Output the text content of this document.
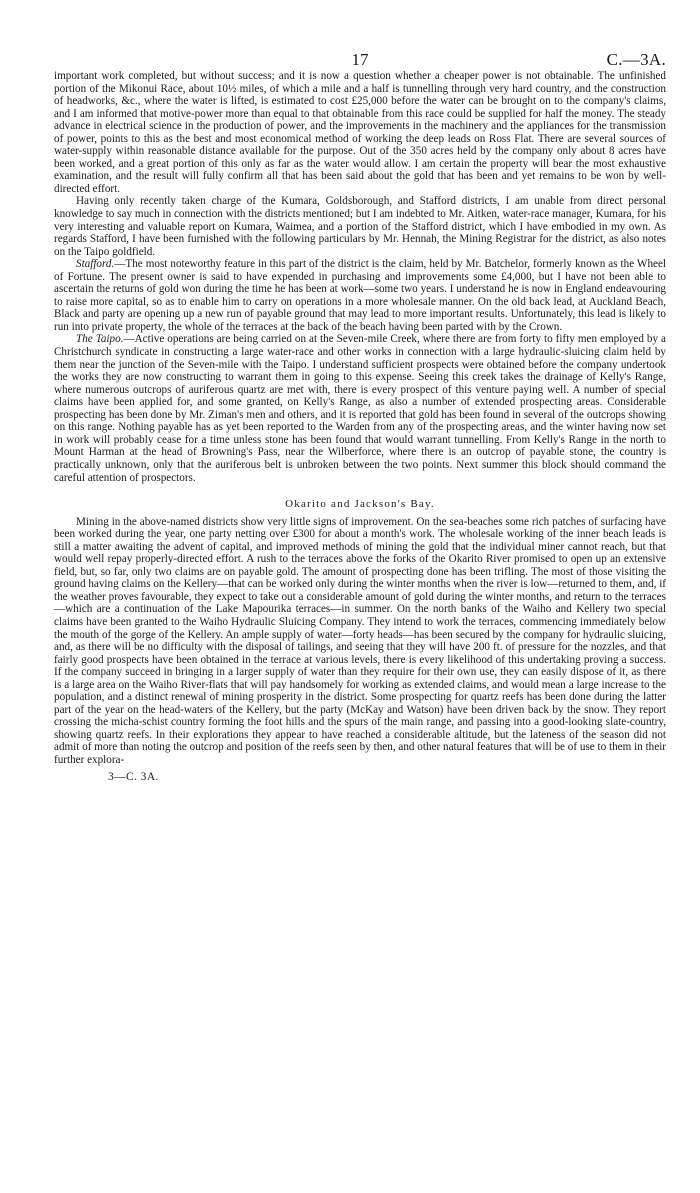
17	C.—3A.

important work completed, but without success; and it is now a question whether a cheaper power is not obtainable. The unfinished portion of the Mikonui Race, about 10½ miles, of which a mile and a half is tunnelling through very hard country, and the construction of headworks, &c., where the water is lifted, is estimated to cost £25,000 before the water can be brought on to the company's claims, and I am informed that motive-power more than equal to that obtainable from this race could be supplied for half the money. The steady advance in electrical science in the production of power, and the improvements in the machinery and the appliances for the transmission of power, points to this as the best and most economical method of working the deep leads on Ross Flat. There are several sources of water-supply within reasonable distance available for the purpose. Out of the 350 acres held by the company only about 8 acres have been worked, and a great portion of this only as far as the water would allow. I am certain the property will bear the most exhaustive examination, and the result will fully confirm all that has been said about the gold that has been and yet remains to be won by well-directed effort.

Having only recently taken charge of the Kumara, Goldsborough, and Stafford districts, I am unable from direct personal knowledge to say much in connection with the districts mentioned; but I am indebted to Mr. Aitken, water-race manager, Kumara, for his very interesting and valuable report on Kumara, Waimea, and a portion of the Stafford district, which I have embodied in my own. As regards Stafford, I have been furnished with the following particulars by Mr. Hennah, the Mining Registrar for the district, as also notes on the Taipo goldfield.

Stafford.—The most noteworthy feature in this part of the district is the claim, held by Mr. Batchelor, formerly known as the Wheel of Fortune. The present owner is said to have expended in purchasing and improvements some £4,000, but I have not been able to ascertain the returns of gold won during the time he has been at work—some two years. I understand he is now in England endeavouring to raise more capital, so as to enable him to carry on operations in a more wholesale manner. On the old back lead, at Auckland Beach, Black and party are opening up a new run of payable ground that may lead to more important results. Unfortunately, this lead is likely to run into private property, the whole of the terraces at the back of the beach having been parted with by the Crown.

The Taipo.—Active operations are being carried on at the Seven-mile Creek, where there are from forty to fifty men employed by a Christchurch syndicate in constructing a large water-race and other works in connection with a large hydraulic-sluicing claim held by them near the junction of the Seven-mile with the Taipo. I understand sufficient prospects were obtained before the company undertook the works they are now constructing to warrant them in going to this expense. Seeing this creek takes the drainage of Kelly's Range, where numerous outcrops of auriferous quartz are met with, there is every prospect of this venture paying well. A number of special claims have been applied for, and some granted, on Kelly's Range, as also a number of extended prospecting areas. Considerable prospecting has been done by Mr. Ziman's men and others, and it is reported that gold has been found in several of the outcrops showing on this range. Nothing payable has as yet been reported to the Warden from any of the prospecting areas, and the winter having now set in work will probably cease for a time unless stone has been found that would warrant tunnelling. From Kelly's Range in the north to Mount Harman at the head of Browning's Pass, near the Wilberforce, where there is an outcrop of payable stone, the country is practically unknown, only that the auriferous belt is unbroken between the two points. Next summer this block should command the careful attention of prospectors.

Okarito and Jackson's Bay.

Mining in the above-named districts show very little signs of improvement. On the sea-beaches some rich patches of surfacing have been worked during the year, one party netting over £300 for about a month's work. The wholesale working of the inner beach leads is still a matter awaiting the advent of capital, and improved methods of mining the gold that the individual miner cannot reach, but that would well repay properly-directed effort. A rush to the terraces above the forks of the Okarito River promised to open up an extensive field, but, so far, only two claims are on payable gold. The amount of prospecting done has been trifling. The most of those visiting the ground having claims on the Kellery—that can be worked only during the winter months when the river is low—returned to them, and, if the weather proves favourable, they expect to take out a considerable amount of gold during the winter months, and return to the terraces—which are a continuation of the Lake Mapourika terraces—in summer. On the north banks of the Waiho and Kellery two special claims have been granted to the Waiho Hydraulic Sluicing Company. They intend to work the terraces, commencing immediately below the mouth of the gorge of the Kellery. An ample supply of water—forty heads—has been secured by the company for hydraulic sluicing, and, as there will be no difficulty with the disposal of tailings, and seeing that they will have 200 ft. of pressure for the nozzles, and that fairly good prospects have been obtained in the terrace at various levels, there is every likelihood of this undertaking proving a success. If the company succeed in bringing in a larger supply of water than they require for their own use, they can easily dispose of it, as there is a large area on the Waiho River-flats that will pay handsomely for working as extended claims, and would mean a large increase to the population, and a distinct renewal of mining prosperity in the district. Some prospecting for quartz reefs has been done during the latter part of the year on the head-waters of the Kellery, but the party (McKay and Watson) have been driven back by the snow. They report crossing the micha-schist country forming the foot hills and the spurs of the main range, and passing into a good-looking slate-country, showing quartz reefs. In their explorations they appear to have reached a considerable altitude, but the lateness of the season did not admit of more than noting the outcrop and position of the reefs seen by then, and other natural features that will be of use to them in their further explora-

3—C. 3A.
